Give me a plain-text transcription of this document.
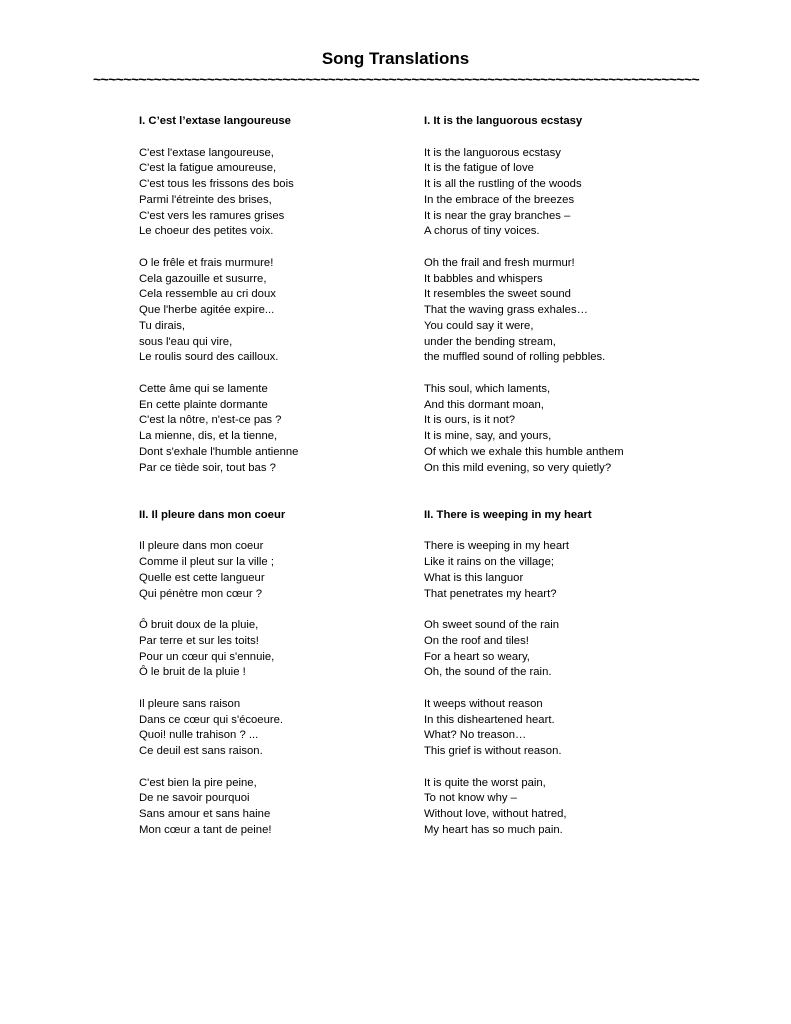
Song Translations
~~~~~~~~~~~~~~~~~~~~~~~~~~~~~~~~~~~~~~~~~~~~~~~~~~~~~~~~~~~~~~~~~~~~~~~~~~~~~~~~
I. C’est l’extase langoureuse
C'est l'extase langoureuse,
C'est la fatigue amoureuse,
C'est tous les frissons des bois
Parmi l'étreinte des brises,
C'est vers les ramures grises
Le choeur des petites voix.
O le frêle et frais murmure!
Cela gazouille et susurre,
Cela ressemble au cri doux
Que l'herbe agitée expire...
Tu dirais,
sous l'eau qui vire,
Le roulis sourd des cailloux.
Cette âme qui se lamente
En cette plainte dormante
C'est la nôtre, n'est-ce pas ?
La mienne, dis, et la tienne,
Dont s'exhale l'humble antienne
Par ce tiède soir, tout bas ?
II. Il pleure dans mon coeur
Il pleure dans mon coeur
Comme il pleut sur la ville ;
Quelle est cette langueur
Qui pénètre mon cœur ?
Ô bruit doux de la pluie,
Par terre et sur les toits!
Pour un cœur qui s'ennuie,
Ô le bruit de la pluie !
Il pleure sans raison
Dans ce cœur qui s'écoeure.
Quoi! nulle trahison ? ...
Ce deuil est sans raison.
C'est bien la pire peine,
De ne savoir pourquoi
Sans amour et sans haine
Mon cœur a tant de peine!
I. It is the languorous ecstasy
It is the languorous ecstasy
It is the fatigue of love
It is all the rustling of the woods
In the embrace of the breezes
It is near the gray branches –
A chorus of tiny voices.
Oh the frail and fresh murmur!
It babbles and whispers
It resembles the sweet sound
That the waving grass exhales…
You could say it were,
under the bending stream,
the muffled sound of rolling pebbles.
This soul, which laments,
And this dormant moan,
It is ours, is it not?
It is mine, say, and yours,
Of which we exhale this humble anthem
On this mild evening, so very quietly?
II. There is weeping in my heart
There is weeping in my heart
Like it rains on the village;
What is this languor
That penetrates my heart?
Oh sweet sound of the rain
On the roof and tiles!
For a heart so weary,
Oh, the sound of the rain.
It weeps without reason
In this disheartened heart.
What? No treason…
This grief is without reason.
It is quite the worst pain,
To not know why –
Without love, without hatred,
My heart has so much pain.
